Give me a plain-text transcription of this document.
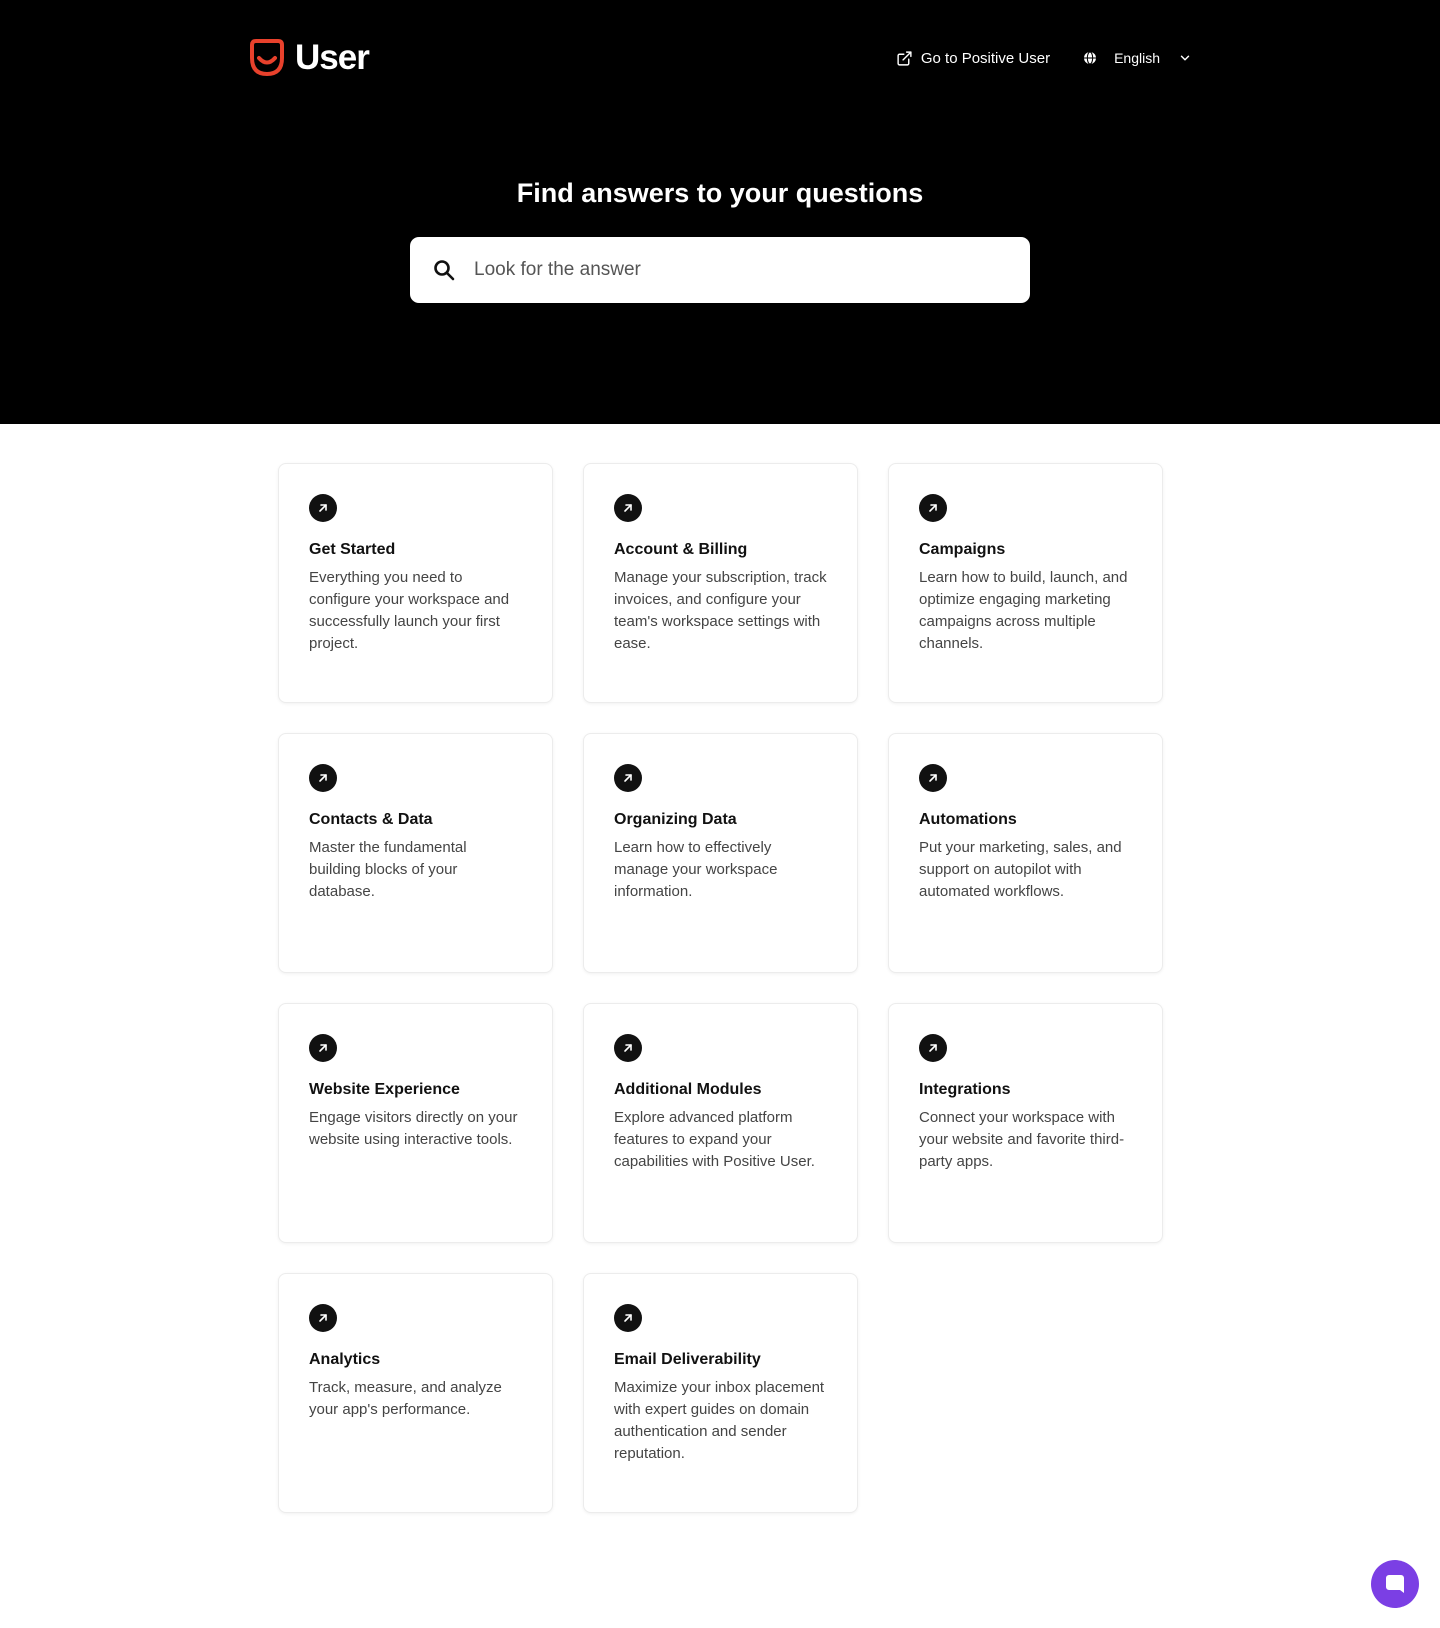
User	Go to Positive User	English
Find answers to your questions
Look for the answer
Get Started
Everything you need to configure your workspace and successfully launch your first project.
Account & Billing
Manage your subscription, track invoices, and configure your team's workspace settings with ease.
Campaigns
Learn how to build, launch, and optimize engaging marketing campaigns across multiple channels.
Contacts & Data
Master the fundamental building blocks of your database.
Organizing Data
Learn how to effectively manage your workspace information.
Automations
Put your marketing, sales, and support on autopilot with automated workflows.
Website Experience
Engage visitors directly on your website using interactive tools.
Additional Modules
Explore advanced platform features to expand your capabilities with Positive User.
Integrations
Connect your workspace with your website and favorite third-party apps.
Analytics
Track, measure, and analyze your app's performance.
Email Deliverability
Maximize your inbox placement with expert guides on domain authentication and sender reputation.
